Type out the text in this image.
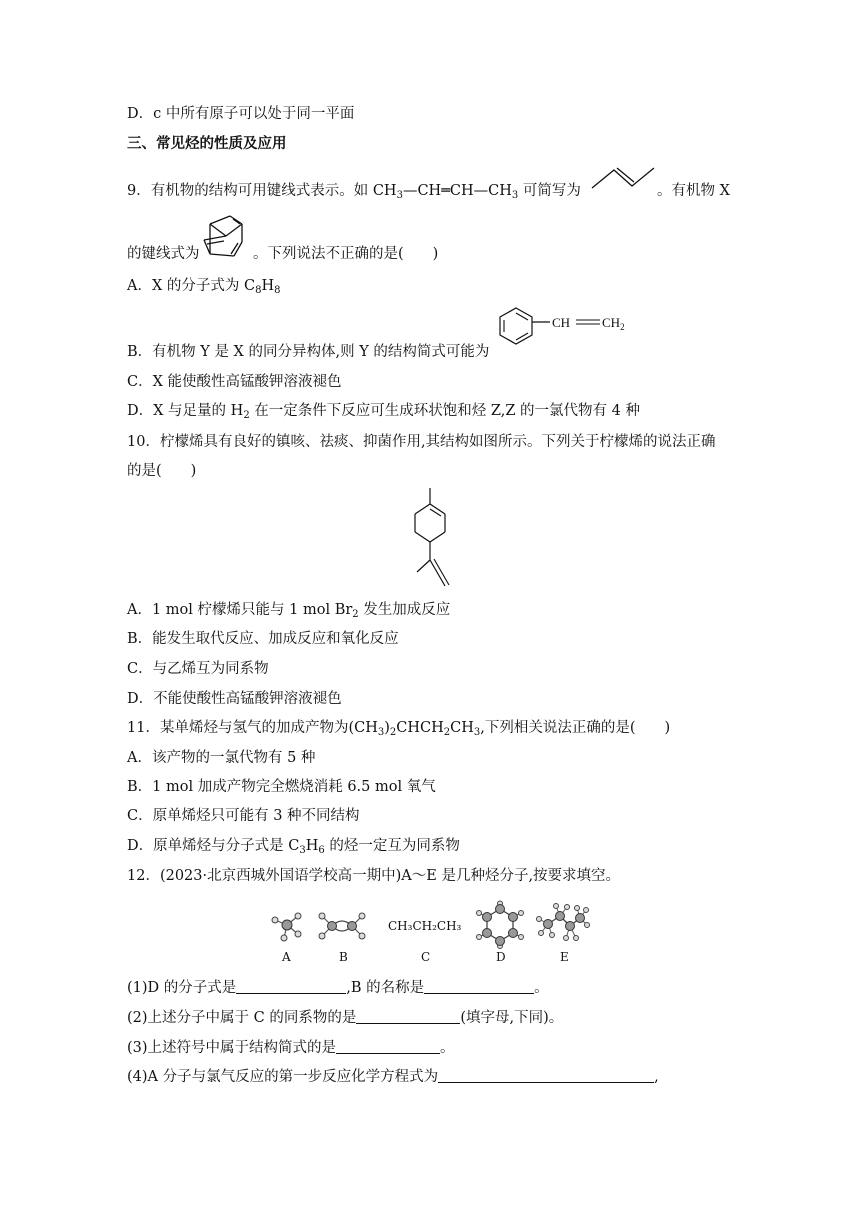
D．c 中所有原子可以处于同一平面
三、常见烃的性质及应用
9．有机物的结构可用键线式表示。如 $CH_3—CH═CH—CH_3$ 可简写为	。有机物 X
的键线式为	。下列说法不正确的是(　　)
A．X 的分子式为 $C_8H_8$
B．有机物 Y 是 X 的同分异构体,则 Y 的结构简式可能为
CH $CH_2$
C．X 能使酸性高锰酸钾溶液褪色
D．X 与足量的 $H_2$ 在一定条件下反应可生成环状饱和烃 Z,Z 的一氯代物有 4 种
10．柠檬烯具有良好的镇咳、祛痰、抑菌作用,其结构如图所示。下列关于柠檬烯的说法正确
的是(　　)
A．1 mol 柠檬烯只能与 1 mol $Br_2$ 发生加成反应
B．能发生取代反应、加成反应和氧化反应
C．与乙烯互为同系物
D．不能使酸性高锰酸钾溶液褪色
11．某单烯烃与氢气的加成产物为$(CH_3)_2CHCH_2CH_3$,下列相关说法正确的是(　　)
A．该产物的一氯代物有 5 种
B．1 mol 加成产物完全燃烧消耗 6.5 mol 氧气
C．原单烯烃只可能有 3 种不同结构
D．原单烯烃与分子式是 $C_3H_6$ 的烃一定互为同系物
12．(2023·北京西城外国语学校高一期中)A～E 是几种烃分子,按要求填空。
CH₃CH₂CH₃
A	B	C	D	E
(1)D 的分子式是	,B 的名称是	。
(2)上述分子中属于 C 的同系物的是	(填字母,下同)。
(3)上述符号中属于结构简式的是	。
(4)A 分子与氯气反应的第一步反应化学方程式为	,
